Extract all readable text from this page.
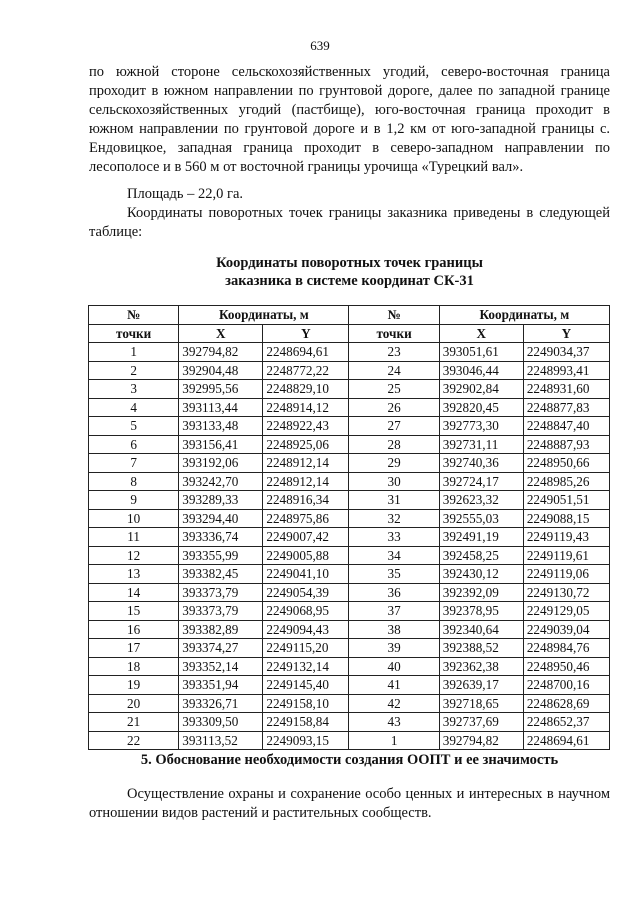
639

по южной стороне сельскохозяйственных угодий, северо-восточная граница проходит в южном направлении по грунтовой дороге, далее по западной границе сельскохозяйственных угодий (пастбище), юго-восточная граница проходит в южном направлении по грунтовой дороге и в 1,2 км от юго-западной границы с. Ендовицкое, западная граница проходит в северо-западном направлении по лесополосе и в 560 м от восточной границы урочища «Турецкий вал».

Площадь – 22,0 га.

Координаты поворотных точек границы заказника приведены в следующей таблице:

Координаты поворотных точек границы
заказника в системе координат СК-31
№	Координаты, м		№	Координаты, м	
точки	X	Y	точки	X	Y
1	392794,82	2248694,61	23	393051,61	2249034,37
2	392904,48	2248772,22	24	393046,44	2248993,41
3	392995,56	2248829,10	25	392902,84	2248931,60
4	393113,44	2248914,12	26	392820,45	2248877,83
5	393133,48	2248922,43	27	392773,30	2248847,40
6	393156,41	2248925,06	28	392731,11	2248887,93
7	393192,06	2248912,14	29	392740,36	2248950,66
8	393242,70	2248912,14	30	392724,17	2248985,26
9	393289,33	2248916,34	31	392623,32	2249051,51
10	393294,40	2248975,86	32	392555,03	2249088,15
11	393336,74	2249007,42	33	392491,19	2249119,43
12	393355,99	2249005,88	34	392458,25	2249119,61
13	393382,45	2249041,10	35	392430,12	2249119,06
14	393373,79	2249054,39	36	392392,09	2249130,72
15	393373,79	2249068,95	37	392378,95	2249129,05
16	393382,89	2249094,43	38	392340,64	2249039,04
17	393374,27	2249115,20	39	392388,52	2248984,76
18	393352,14	2249132,14	40	392362,38	2248950,46
19	393351,94	2249145,40	41	392639,17	2248700,16
20	393326,71	2249158,10	42	392718,65	2248628,69
21	393309,50	2249158,84	43	392737,69	2248652,37
22	393113,52	2249093,15	1	392794,82	2248694,61

5. Обоснование необходимости создания ООПТ и ее значимость

Осуществление охраны и сохранение особо ценных и интересных в научном отношении видов растений и растительных сообществ.
